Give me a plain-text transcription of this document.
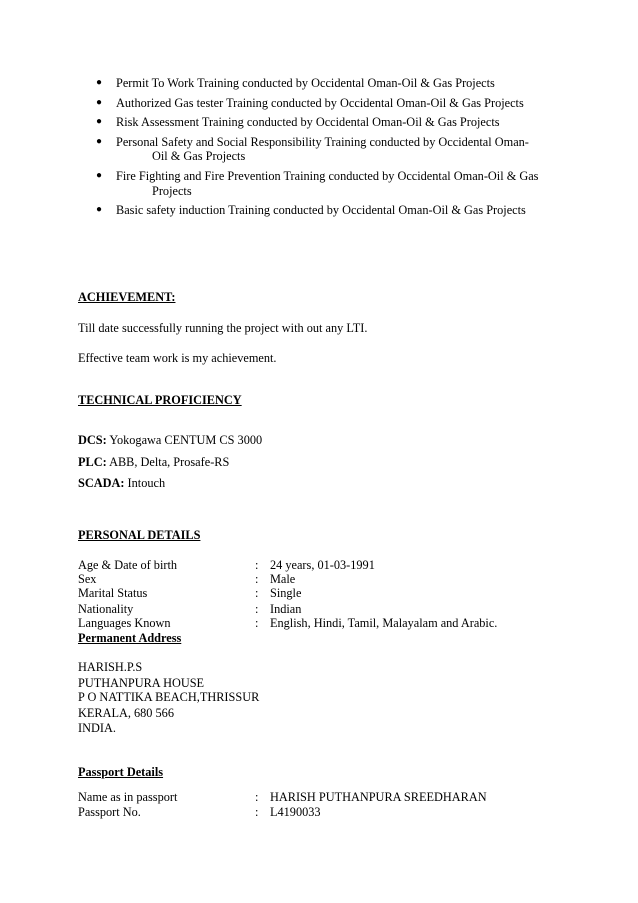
● Permit To Work Training conducted by Occidental Oman-Oil & Gas Projects
● Authorized Gas tester Training conducted by Occidental Oman-Oil & Gas Projects
● Risk Assessment Training conducted by Occidental Oman-Oil & Gas Projects
● Personal Safety and Social Responsibility Training conducted by Occidental Oman-
Oil & Gas Projects
● Fire Fighting and Fire Prevention Training conducted by Occidental Oman-Oil & Gas
Projects
● Basic safety induction Training conducted by Occidental Oman-Oil & Gas Projects
ACHIEVEMENT:
Till date successfully running the project with out any LTI.
Effective team work is my achievement.
TECHNICAL PROFICIENCY
DCS: Yokogawa CENTUM CS 3000
PLC: ABB, Delta, Prosafe-RS
SCADA: Intouch
PERSONAL DETAILS
Age & Date of birth	: 24 years, 01-03-1991
Sex	: Male
Marital Status	: Single
Nationality	: Indian
Languages Known	: English, Hindi, Tamil, Malayalam and Arabic.
Permanent Address
HARISH.P.S
PUTHANPURA HOUSE
P O NATTIKA BEACH,THRISSUR
KERALA, 680 566
INDIA.
Passport Details
Name as in passport	: HARISH PUTHANPURA SREEDHARAN
Passport No.	: L4190033
